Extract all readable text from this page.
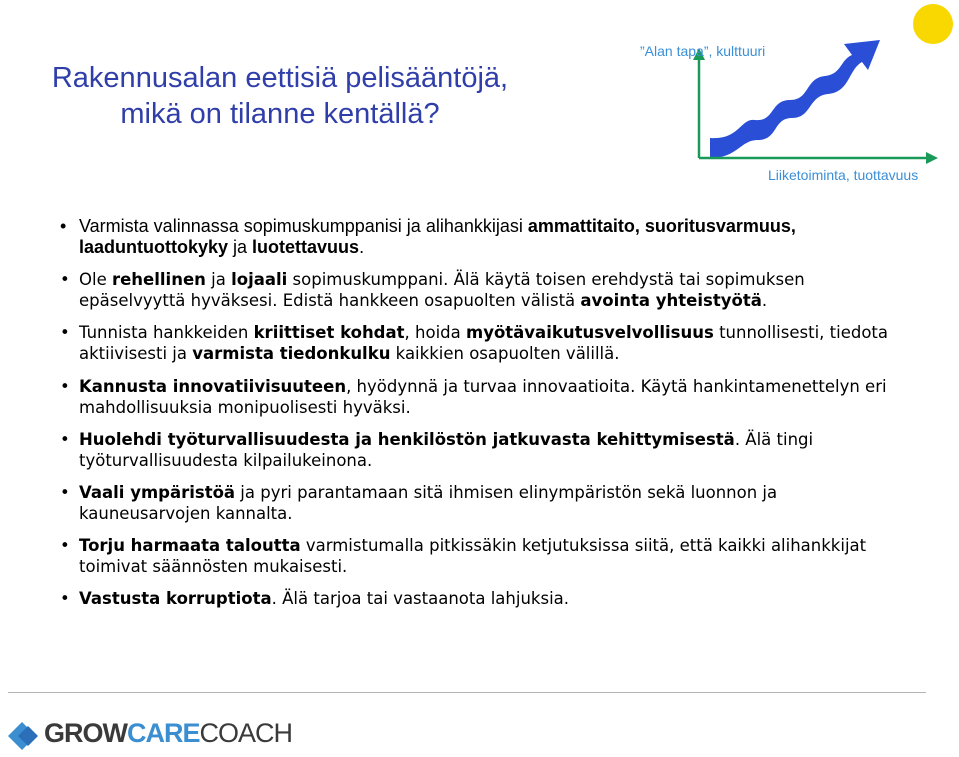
Rakennusalan eettisiä pelisääntöjä,
mikä on tilanne kentällä?
”Alan tapa”, kulttuuri
Liiketoiminta, tuottavuus

• Varmista valinnassa sopimuskumppanisi ja alihankkijasi ammattitaito, suoritusvarmuus, laaduntuottokyky ja luotettavuus.

• Ole rehellinen ja lojaali sopimuskumppani. Älä käytä toisen erehdystä tai sopimuksen epäselvyyttä hyväksesi. Edistä hankkeen osapuolten välistä avointa yhteistyötä.

• Tunnista hankkeiden kriittiset kohdat, hoida myötävaikutusvelvollisuus tunnollisesti, tiedota aktiivisesti ja varmista tiedonkulku kaikkien osapuolten välillä.

• Kannusta innovatiivisuuteen, hyödynnä ja turvaa innovaatioita. Käytä hankintamenettelyn eri mahdollisuuksia monipuolisesti hyväksi.

• Huolehdi työturvallisuudesta ja henkilöstön jatkuvasta kehittymisestä. Älä tingi työturvallisuudesta kilpailukeinona.

• Vaali ympäristöä ja pyri parantamaan sitä ihmisen elinympäristön sekä luonnon ja kauneusarvojen kannalta.

• Torju harmaata taloutta varmistumalla pitkissäkin ketjutuksissa siitä, että kaikki alihankkijat toimivat säännösten mukaisesti.

• Vastusta korruptiota. Älä tarjoa tai vastaanota lahjuksia.

GROWCARECOACH
